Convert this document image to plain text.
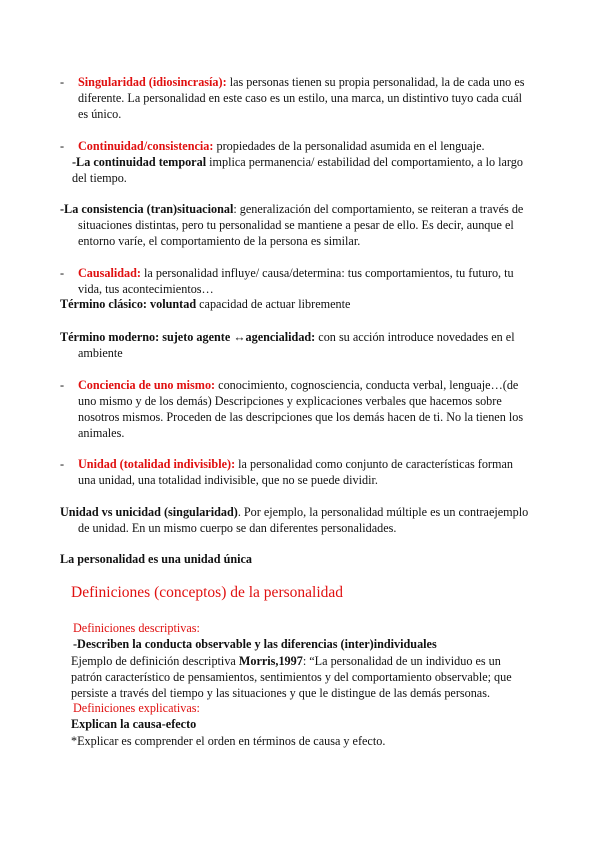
- Singularidad (idiosincrasía): las personas tienen su propia personalidad, la de cada uno es
diferente. La personalidad en este caso es un estilo, una marca, un distintivo tuyo cada cuál
es único.
- Continuidad/consistencia: propiedades de la personalidad asumida en el lenguaje.
-La continuidad temporal implica permanencia/ estabilidad del comportamiento, a lo largo
del tiempo.
-La consistencia (tran)situacional: generalización del comportamiento, se reiteran a través de
situaciones distintas, pero tu personalidad se mantiene a pesar de ello. Es decir, aunque el
entorno varíe, el comportamiento de la persona es similar.
- Causalidad: la personalidad influye/ causa/determina: tus comportamientos, tu futuro, tu
vida, tus acontecimientos…
Término clásico: voluntad capacidad de actuar libremente
Término moderno: sujeto agente ↔agencialidad: con su acción introduce novedades en el
ambiente
- Conciencia de uno mismo: conocimiento, cognosciencia, conducta verbal, lenguaje…(de
uno mismo y de los demás) Descripciones y explicaciones verbales que hacemos sobre
nosotros mismos. Proceden de las descripciones que los demás hacen de ti. No la tienen los
animales.
- Unidad (totalidad indivisible): la personalidad como conjunto de características forman
una unidad, una totalidad indivisible, que no se puede dividir.
Unidad vs unicidad (singularidad). Por ejemplo, la personalidad múltiple es un contraejemplo
de unidad. En un mismo cuerpo se dan diferentes personalidades.
La personalidad es una unidad única
Definiciones (conceptos) de la personalidad
Definiciones descriptivas:
-Describen la conducta observable y las diferencias (inter)individuales
Ejemplo de definición descriptiva Morris,1997: “La personalidad de un individuo es un
patrón característico de pensamientos, sentimientos y del comportamiento observable; que
persiste a través del tiempo y las situaciones y que le distingue de las demás personas.
Definiciones explicativas:
Explican la causa-efecto
*Explicar es comprender el orden en términos de causa y efecto.
